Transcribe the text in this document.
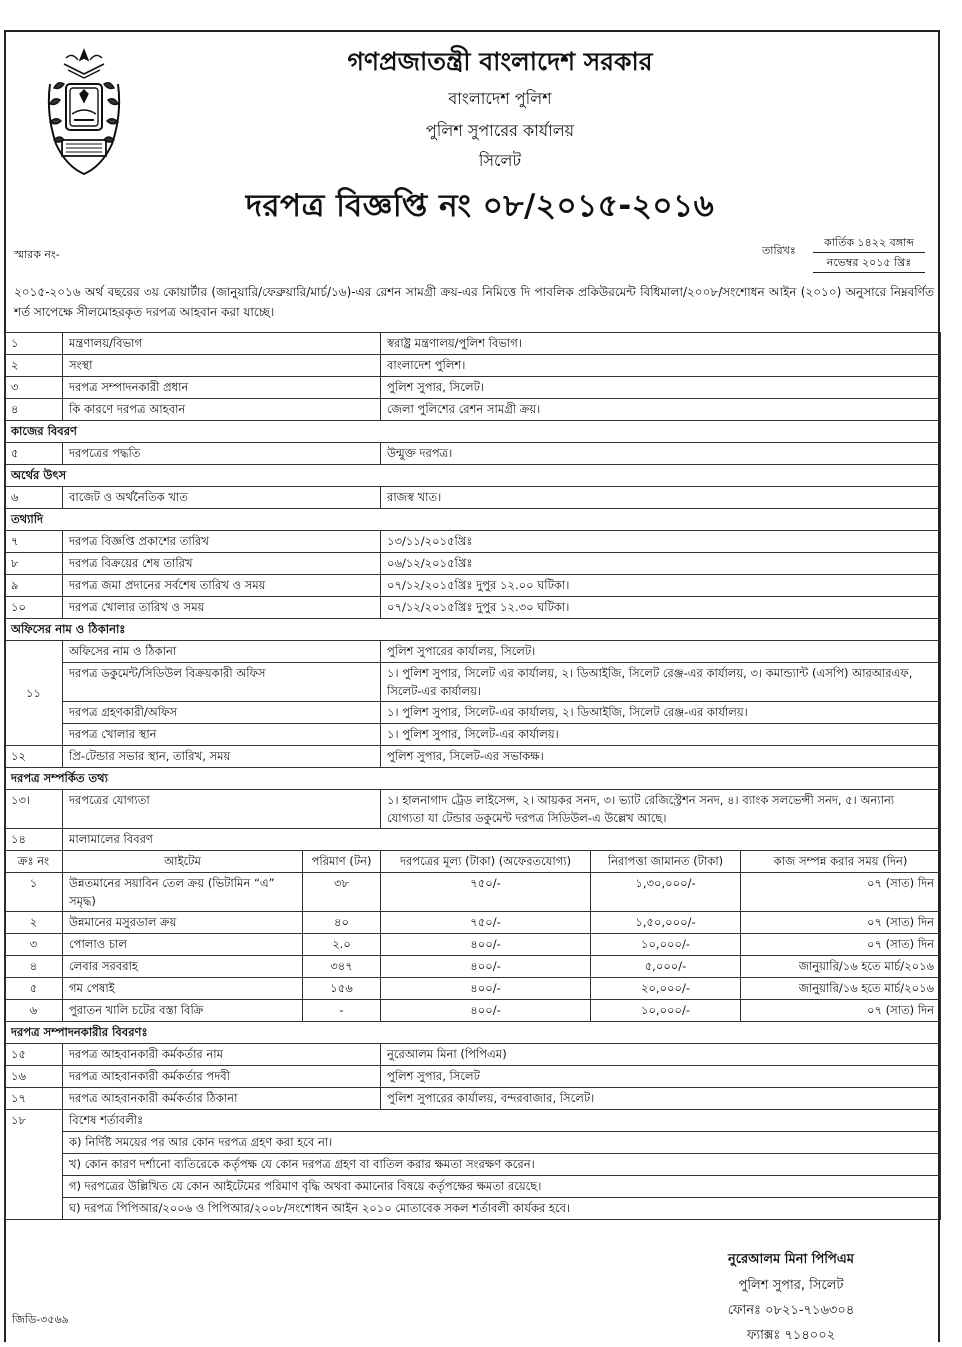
গণপ্রজাতন্ত্রী বাংলাদেশ সরকার
বাংলাদেশ পুলিশ
পুলিশ সুপারের কার্যালয়
সিলেট
দরপত্র বিজ্ঞপ্তি নং ০৮/২০১৫-২০১৬
স্মারক নং-	তারিখঃ
কার্তিক ১৪২২ বঙ্গাব্দ
নভেম্বর ২০১৫ খ্রিঃ
২০১৫-২০১৬ অর্থ বছরের ৩য় কোয়ার্টার (জানুয়ারি/ফেব্রুয়ারি/মার্চ/১৬)-এর রেশন সামগ্রী ক্রয়-এর নিমিত্তে দি পাবলিক প্রকিউরমেন্ট বিধিমালা/২০০৮/সংশোধন আইন (২০১০) অনুসারে নিম্নবর্ণিত শর্ত সাপেক্ষে সীলমোহরকৃত দরপত্র আহবান করা যাচ্ছে।
১	মন্ত্রণালয়/বিভাগ		স্বরাষ্ট্র মন্ত্রণালয়/পুলিশ বিভাগ।		
২	সংস্থা		বাংলাদেশ পুলিশ।		
৩	দরপত্র সম্পাদনকারী প্রধান		পুলিশ সুপার, সিলেট।		
৪	কি কারণে দরপত্র আহবান		জেলা পুলিশের রেশন সামগ্রী ক্রয়।		
কাজের বিবরণ					
৫	দরপত্রের পদ্ধতি		উন্মুক্ত দরপত্র।		
অর্থের উৎস					
৬	বাজেট ও অর্থনৈতিক খাত		রাজস্ব খাত।		
তথ্যাদি					
৭	দরপত্র বিজ্ঞপ্তি প্রকাশের তারিখ		১৩/১১/২০১৫খ্রিঃ		
৮	দরপত্র বিক্রয়ের শেষ তারিখ		০৬/১২/২০১৫খ্রিঃ		
৯	দরপত্র জমা প্রদানের সর্বশেষ তারিখ ও সময়		০৭/১২/২০১৫খ্রিঃ দুপুর ১২.০০ ঘটিকা।		
১০	দরপত্র খোলার তারিখ ও সময়		০৭/১২/২০১৫খ্রিঃ দুপুর ১২.৩০ ঘটিকা।		
অফিসের নাম ও ঠিকানাঃ					
১১	অফিসের নাম ও ঠিকানা		পুলিশ সুপারের কার্যালয়, সিলেট।		
	দরপত্র ডকুমেন্ট/সিডিউল বিক্রয়কারী অফিস		১। পুলিশ সুপার, সিলেট এর কার্যালয়, ২। ডিআইজি, সিলেট রেঞ্জ-এর কার্যালয়, ৩। কমান্ড্যান্ট (এসপি) আরআরএফ, সিলেট-এর কার্যালয়।		

	দরপত্র গ্রহণকারী/অফিস		১। পুলিশ সুপার, সিলেট-এর কার্যালয়, ২। ডিআইজি, সিলেট রেঞ্জ-এর কার্যালয়।		
	দরপত্র খোলার স্থান		১। পুলিশ সুপার, সিলেট-এর কার্যালয়।		
১২	প্রি-টেন্ডার সভার স্থান, তারিখ, সময়		পুলিশ সুপার, সিলেট-এর সভাকক্ষ।		
দরপত্র সম্পর্কিত তথ্য					
১৩।	দরপত্রের যোগ্যতা		১। হালনাগাদ ট্রেড লাইসেন্স, ২। আয়কর সনদ, ৩। ভ্যাট রেজিস্ট্রেশন সনদ, ৪। ব্যাংক সলভেন্সী সনদ, ৫। অন্যান্য যোগ্যতা যা টেন্ডার ডকুমেন্ট দরপত্র সিডিউল-এ উল্লেখ আছে।		

১৪	মালামালের বিবরণ				
ক্রঃ নং	আইটেম	পরিমাণ (টন)	দরপত্রের মূল্য (টাকা) (অফেরতযোগ্য)	নিরাপত্তা জামানত (টাকা)	কাজ সম্পন্ন করার সময় (দিন)
১	উন্নতমানের সয়াবিন তেল ক্রয় (ভিটামিন “এ” সমৃদ্ধ)	৩৮	৭৫০/-	১,৩০,০০০/-	০৭ (সাত) দিন
২	উন্নমানের মসুরডাল ক্রয়	৪০	৭৫০/-	১,৫০,০০০/-	০৭ (সাত) দিন
৩	পোলাও চাল	২.০	৪০০/-	১০,০০০/-	০৭ (সাত) দিন
৪	লেবার সরবরাহ	৩৪৭	৪০০/-	৫,০০০/-	জানুয়ারি/১৬ হতে মার্চ/২০১৬
৫	গম পেষাই	১৫৬	৪০০/-	২০,০০০/-	জানুয়ারি/১৬ হতে মার্চ/২০১৬
৬	পুরাতন খালি চটের বস্তা বিক্রি	-	৪০০/-	১০,০০০/-	০৭ (সাত) দিন
দরপত্র সম্পাদনকারীর বিবরণঃ					
১৫	দরপত্র আহবানকারী কর্মকর্তার নাম		নুরেআলম মিনা (পিপিএম)		
১৬	দরপত্র আহবানকারী কর্মকর্তার পদবী		পুলিশ সুপার, সিলেট		
১৭	দরপত্র আহবানকারী কর্মকর্তার ঠিকানা		পুলিশ সুপারের কার্যালয়, বন্দরবাজার, সিলেট।		
১৮	বিশেষ শর্তাবলীঃ				
	ক) নির্দিষ্ট সময়ের পর আর কোন দরপত্র গ্রহণ করা হবে না।				
	খ) কোন কারণ দর্শানো ব্যতিরেকে কর্তৃপক্ষ যে কোন দরপত্র গ্রহণ বা বাতিল করার ক্ষমতা সংরক্ষণ করেন।				
	গ) দরপত্রের উল্লিখিত যে কোন আইটেমের পরিমাণ বৃদ্ধি অথবা কমানোর বিষয়ে কর্তৃপক্ষের ক্ষমতা রয়েছে।				
	ঘ) দরপত্র পিপিআর/২০০৬ ও পিপিআর/২০০৮/সংশোধন আইন ২০১০ মোতাবেক সকল শর্তাবলী কার্যকর হবে।				
নুরেআলম মিনা পিপিএম
পুলিশ সুপার, সিলেট
ফোনঃ ০৮২১-৭১৬৩০৪
ফ্যাক্সঃ ৭১৪০০২
জিডি-৩৫৬৯
